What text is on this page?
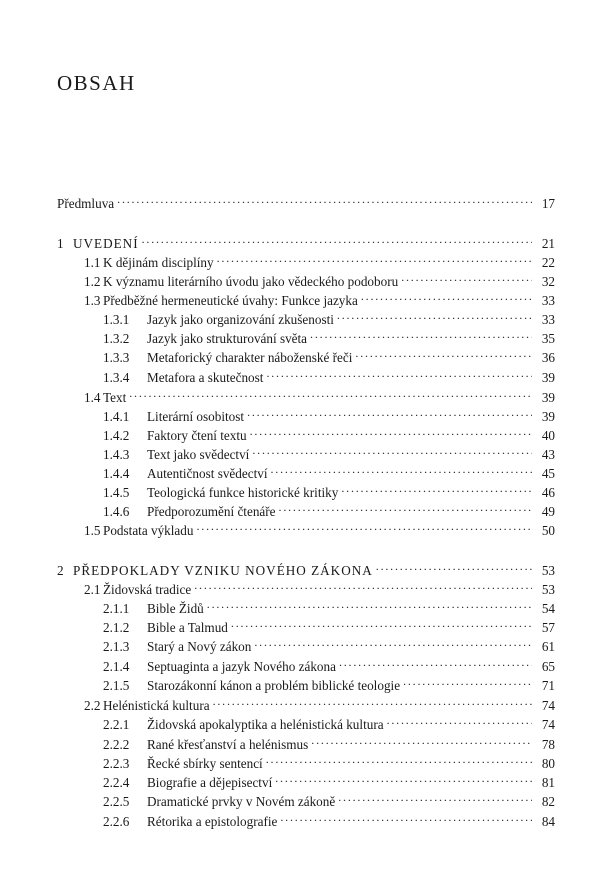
OBSAH
Předmluva . . .	17
1 UVEDENÍ . . .	21
1.1 K dějinám disciplíny . . .	22
1.2 K významu literárního úvodu jako vědeckého podoboru . . .	32
1.3 Předběžné hermeneutické úvahy: Funkce jazyka . . .	33
1.3.1	Jazyk jako organizování zkušenosti . . .	33
1.3.2	Jazyk jako strukturování světa . . .	35
1.3.3	Metaforický charakter náboženské řeči . . .	36
1.3.4	Metafora a skutečnost . . .	39
1.4 Text . . .	39
1.4.1	Literární osobitost . . .	39
1.4.2	Faktory čtení textu . . .	40
1.4.3	Text jako svědectví . . .	43
1.4.4	Autentičnost svědectví . . .	45
1.4.5	Teologická funkce historické kritiky . . .	46
1.4.6	Předporozumění čtenáře . . .	49
1.5 Podstata výkladu . . .	50
2 PŘEDPOKLADY VZNIKU NOVÉHO ZÁKONA . . .	53
2.1 Židovská tradice . . .	53
2.1.1	Bible Židů . . .	54
2.1.2	Bible a Talmud . . .	57
2.1.3	Starý a Nový zákon . . .	61
2.1.4	Septuaginta a jazyk Nového zákona . . .	65
2.1.5	Starozákonní kánon a problém biblické teologie . . .	71
2.2 Helénistická kultura . . .	74
2.2.1	Židovská apokalyptika a helénistická kultura . . .	74
2.2.2	Rané křesťanství a helénismus . . .	78
2.2.3	Řecké sbírky sentencí . . .	80
2.2.4	Biografie a dějepisectví . . .	81
2.2.5	Dramatické prvky v Novém zákoně . . .	82
2.2.6	Rétorika a epistolografie . . .	84
